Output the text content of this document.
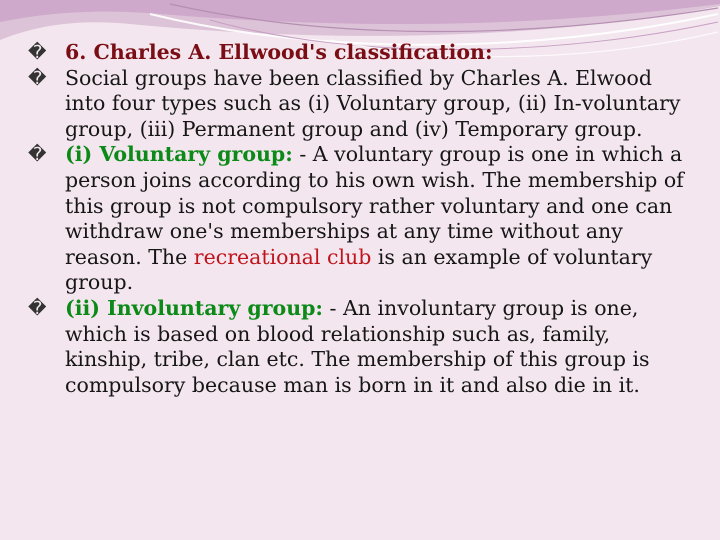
� 6. Charles A. Ellwood's classification:

� Social groups have been classified by Charles A. Elwood into four types such as (i) Voluntary group, (ii) In-voluntary group, (iii) Permanent group and (iv) Temporary group.

� (i) Voluntary group: - A voluntary group is one in which a person joins according to his own wish. The membership of this group is not compulsory rather voluntary and one can withdraw one's memberships at any time without any reason. The recreational club is an example of voluntary group.

� (ii) Involuntary group: - An involuntary group is one, which is based on blood relationship such as, family, kinship, tribe, clan etc. The membership of this group is compulsory because man is born in it and also die in it.
